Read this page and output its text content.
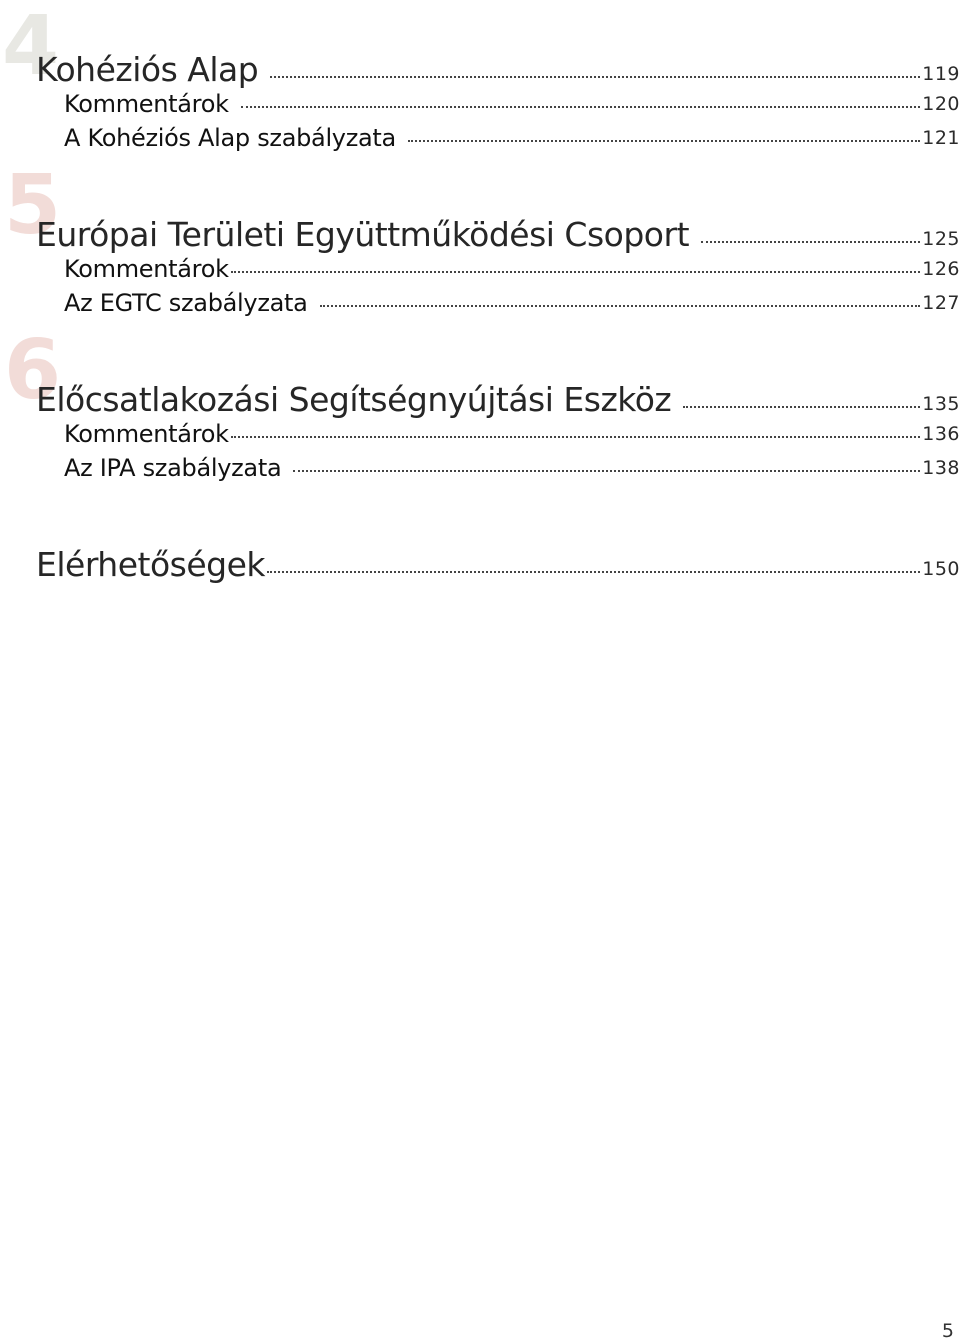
4
Kohéziós Alap	119
Kommentárok	120
A Kohéziós Alap szabályzata	121
5
Európai Területi Együttműködési Csoport	125
Kommentárok	126
Az EGTC szabályzata	127
6
Előcsatlakozási Segítségnyújtási Eszköz	135
Kommentárok	136
Az IPA szabályzata	138
Elérhetőségek	150
5
